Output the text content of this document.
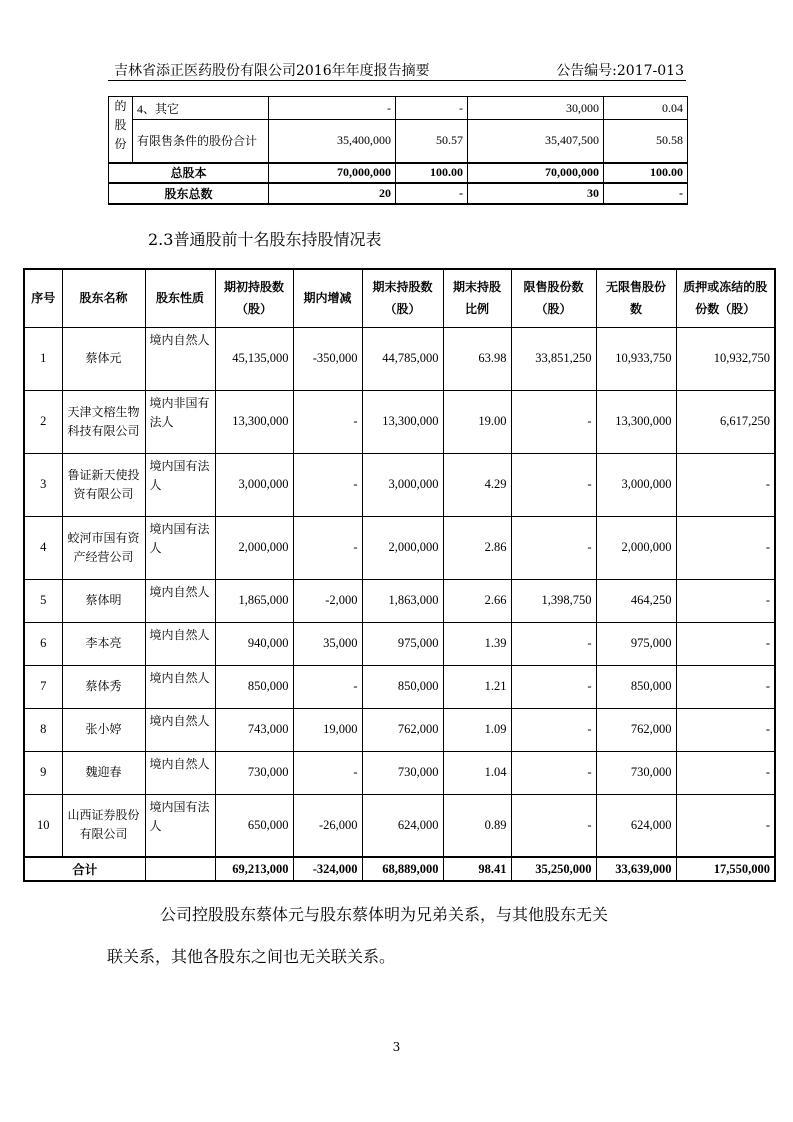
吉林省添正医药股份有限公司2016年年度报告摘要	公告编号:2017-013
的股份	4、其它	-	-	30,000	0.04
	有限售条件的股份合计	35,400,000	50.57	35,407,500	50.58
总股本		70,000,000	100.00	70,000,000	100.00
股东总数		20	-	30	-
2.3普通股前十名股东持股情况表
序号	股东名称	股东性质	期初持股数（股）	期内增减	期末持股数（股）	期末持股比例	限售股份数（股）	无限售股份数	质押或冻结的股份数（股）
1	蔡体元	境内自然人	45,135,000	-350,000	44,785,000	63.98	33,851,250	10,933,750	10,932,750
2	天津文榕生物科技有限公司	境内非国有法人	13,300,000	-	13,300,000	19.00	-	13,300,000	6,617,250
3	鲁证新天使投资有限公司	境内国有法人	3,000,000	-	3,000,000	4.29	-	3,000,000	-
4	蛟河市国有资产经营公司	境内国有法人	2,000,000	-	2,000,000	2.86	-	2,000,000	-
5	蔡体明	境内自然人	1,865,000	-2,000	1,863,000	2.66	1,398,750	464,250	-
6	李本亮	境内自然人	940,000	35,000	975,000	1.39	-	975,000	-
7	蔡体秀	境内自然人	850,000	-	850,000	1.21	-	850,000	-
8	张小婷	境内自然人	743,000	19,000	762,000	1.09	-	762,000	-
9	魏迎春	境内自然人	730,000	-	730,000	1.04	-	730,000	-
10	山西证券股份有限公司	境内国有法人	650,000	-26,000	624,000	0.89	-	624,000	-
合计			69,213,000	-324,000	68,889,000	98.41	35,250,000	33,639,000	17,550,000
公司控股股东蔡体元与股东蔡体明为兄弟关系，与其他股东无关
联关系，其他各股东之间也无关联关系。
3
